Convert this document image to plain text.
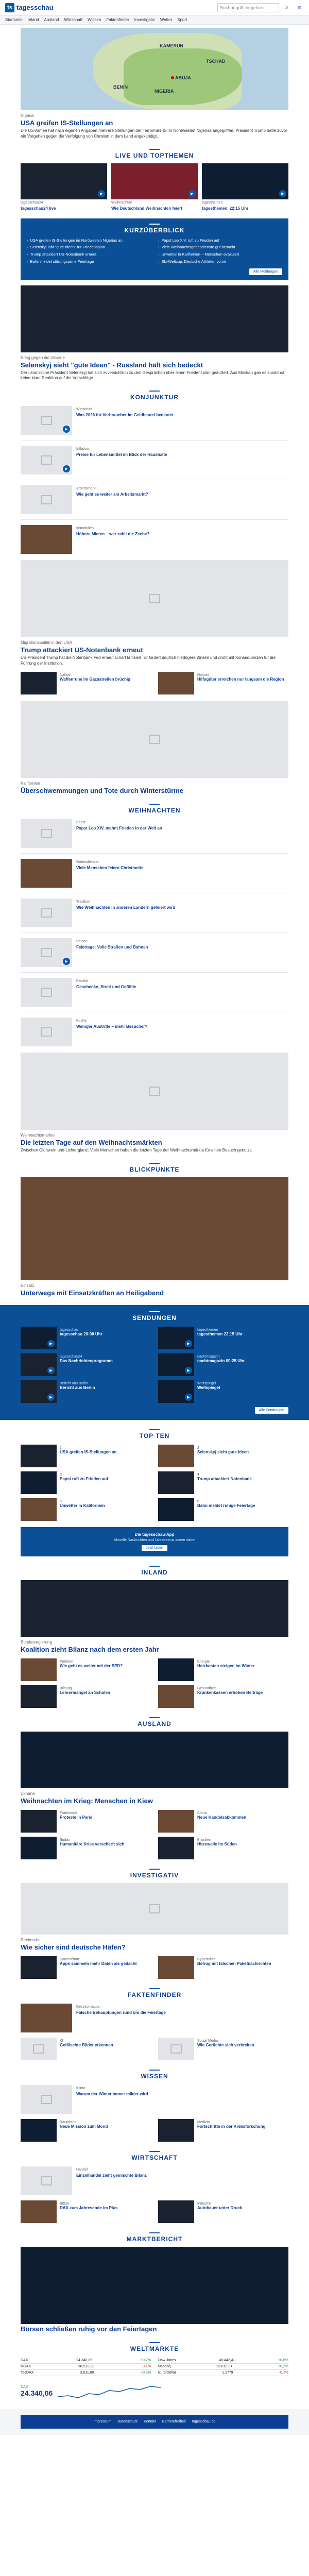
ts tagesschau	Suchbegriff eingeben	⌕	≡
Startseite Inland Ausland Wirtschaft Wissen Faktenfinder Investigativ Wetter Sport
KAMERUN
TSCHAD
BENIN
NIGERIA
ABUJA
Nigeria
USA greifen IS-Stellungen an
Die US-Armee hat nach eigenen Angaben mehrere Stellungen der Terrormiliz IS im Nordwesten Nigerias angegriffen. Präsident Trump hatte zuvor ein Vorgehen gegen die Verfolgung von Christen in dem Land angekündigt.
LIVE UND TOPTHEMEN
▶
tagesschau24
tagesschau24 live
▶
Weihnachten
Wie Deutschland Weihnachten feiert
▶
tagesthemen
tagesthemen, 22:15 Uhr
KURZÜBERBLICK
› USA greifen IS-Stellungen im Nordwesten Nigerias an	› Papst Leo XIV. ruft zu Frieden auf
› Selenskyj lobt "gute Ideen" für Friedensplan	› Viele Weihnachtsgottesdienste gut besucht
› Trump attackiert US-Notenbank erneut	› Unwetter in Kalifornien – Menschen evakuiert
› Bahn meldet störungsarme Feiertage	› Ski-Weltcup: Deutsche Athleten vorne
Alle Meldungen
Krieg gegen die Ukraine
Selenskyj sieht "gute Ideen" - Russland hält sich bedeckt
Der ukrainische Präsident Selenskyj hat sich zuversichtlich zu den Gesprächen über einen Friedensplan geäußert. Aus Moskau gab es zunächst keine klare Reaktion auf die Vorschläge.
KONJUNKTUR
▶
Wirtschaft
Was 2026 für Verbraucher im Geldbeutel bedeutet
▶
Inflation
Preise für Lebensmittel im Blick der Haushalte
Arbeitsmarkt
Wie geht es weiter am Arbeitsmarkt?
Immobilien
Höhere Mieten – wer zahlt die Zeche?
Migrationspolitik in den USA
Trump attackiert US-Notenbank erneut
US-Präsident Trump hat die Notenbank Fed erneut scharf kritisiert. Er fordert deutlich niedrigere Zinsen und droht mit Konsequenzen für die Führung der Institution.
Nahost
Waffenruhe im Gazastreifen brüchig
Nahost
Hilfsgüter erreichen nur langsam die Region
Kalifornien
Überschwemmungen und Tote durch Winterstürme
WEIHNACHTEN
Papst
Papst Leo XIV. mahnt Frieden in der Welt an
Gottesdienste
Viele Menschen feiern Christmette
Tradition
Wie Weihnachten in anderen Ländern gefeiert wird
▶
Reisen
Feiertage: Volle Straßen und Bahnen
Familie
Geschenke, Streit und Gefühle
Kirche
Weniger Austritte – mehr Besucher?
Weihnachtsmärkte
Die letzten Tage auf den Weihnachtsmärkten
Zwischen Glühwein und Lichterglanz: Viele Menschen haben die letzten Tage der Weihnachtsmärkte für einen Besuch genutzt.
BLICKPUNKTE
Einsatz
Unterwegs mit Einsatzkräften an Heiligabend
SENDUNGEN
▶
tagesschau
tagesschau 20:00 Uhr
▶
tagesthemen
tagesthemen 22:15 Uhr
▶
tagesschau24
Das Nachrichtenprogramm
▶
nachtmagazin
nachtmagazin 00:25 Uhr
▶
Bericht aus Berlin
Bericht aus Berlin
▶
Weltspiegel
Weltspiegel
Alle Sendungen
TOP TEN
1
USA greifen IS-Stellungen an
2
Selenskyj sieht gute Ideen
3
Papst ruft zu Frieden auf
4
Trump attackiert Notenbank
5
Unwetter in Kalifornien
6
Bahn meldet ruhige Feiertage
Die tagesschau-App
Aktuelle Nachrichten und Livestreams immer dabei
Jetzt laden
INLAND
Bundesregierung
Koalition zieht Bilanz nach dem ersten Jahr
Parteien
Wie geht es weiter mit der SPD?
Energie
Heizkosten steigen im Winter
Bildung
Lehrermangel an Schulen
Gesundheit
Krankenkassen erhöhen Beiträge
AUSLAND
Ukraine
Weihnachten im Krieg: Menschen in Kiew
Frankreich
Proteste in Paris
China
Neue Handelsabkommen
Sudan
Humanitäre Krise verschärft sich
Brasilien
Hitzewelle im Süden
INVESTIGATIV
Recherche
Wie sicher sind deutsche Häfen?
Datenschutz
Apps sammeln mehr Daten als gedacht
Cybercrime
Betrug mit falschen Paketnachrichten
FAKTENFINDER
Desinformation
Falsche Behauptungen rund um die Feiertage
KI
Gefälschte Bilder erkennen
Social Media
Wie Gerüchte sich verbreiten
WISSEN
Klima
Warum der Winter immer milder wird
Raumfahrt
Neue Mission zum Mond
Medizin
Fortschritte in der Krebsforschung
WIRTSCHAFT
Handel
Einzelhandel zieht gemischte Bilanz
Börse
DAX zum Jahresende im Plus
Industrie
Autobauer unter Druck
MARKTBERICHT
Börsen schließen ruhig vor den Feiertagen
WELTMÄRKTE
DAX	24.340,06	+0,2%
MDAX	30.512,22	-0,1%
TecDAX	3.611,80	+0,3%
Dow Jones	48.442,41	+0,6%
Nasdaq	23.613,31	+0,2%
Euro/Dollar	1,1779	-0,1%
DAX
24.340,06
Impressum Datenschutz Kontakt Barrierefreiheit tagesschau.de
